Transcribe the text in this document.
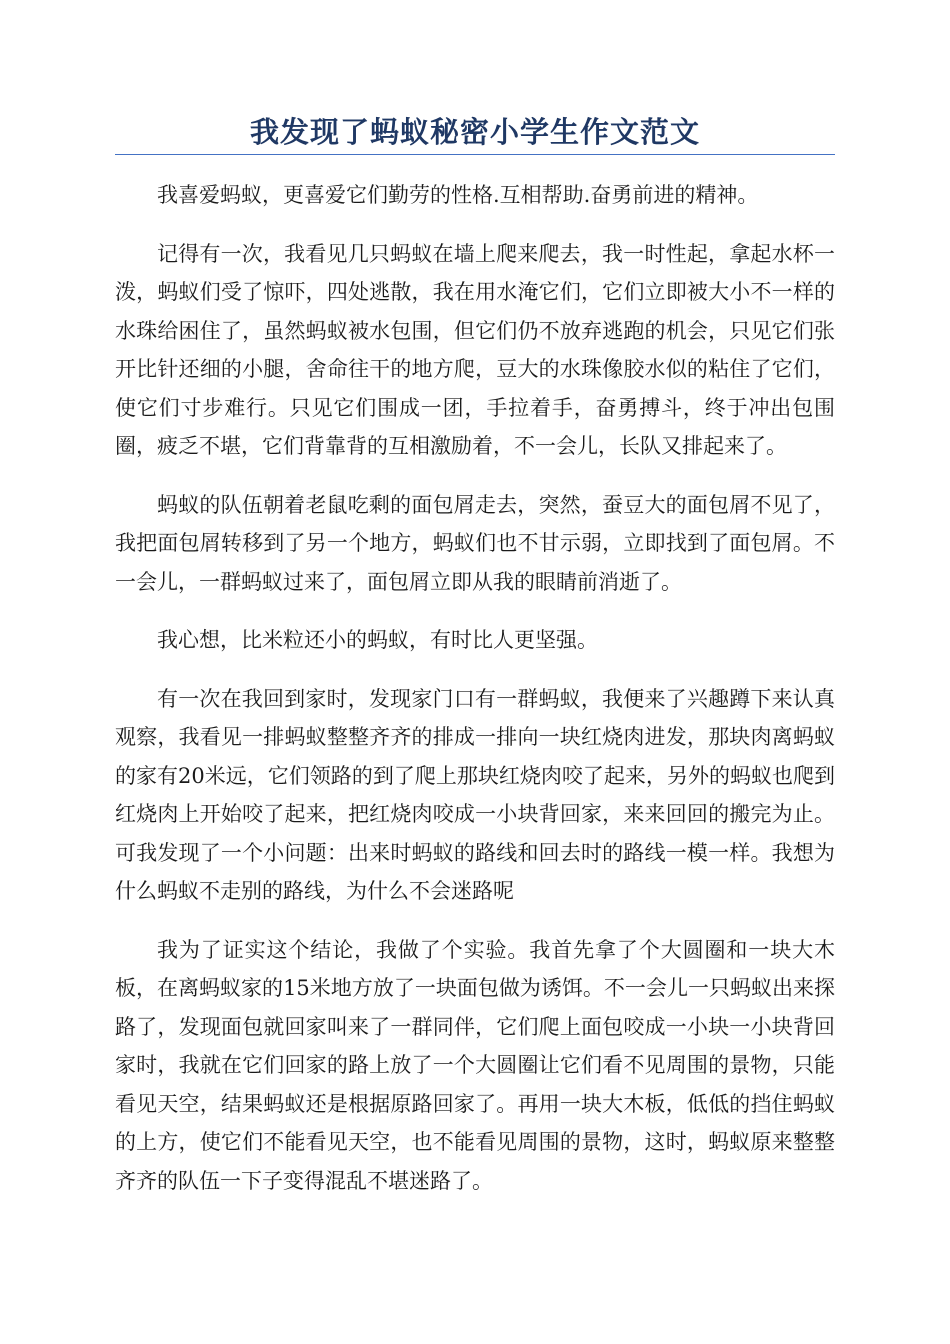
我发现了蚂蚁秘密小学生作文范文

我喜爱蚂蚁，更喜爱它们勤劳的性格.互相帮助.奋勇前进的精神。

记得有一次，我看见几只蚂蚁在墙上爬来爬去，我一时性起，拿起水杯一泼，蚂蚁们受了惊吓，四处逃散，我在用水淹它们，它们立即被大小不一样的水珠给困住了，虽然蚂蚁被水包围，但它们仍不放弃逃跑的机会，只见它们张开比针还细的小腿，舍命往干的地方爬，豆大的水珠像胶水似的粘住了它们，使它们寸步难行。只见它们围成一团，手拉着手，奋勇搏斗，终于冲出包围圈，疲乏不堪，它们背靠背的互相激励着，不一会儿，长队又排起来了。

蚂蚁的队伍朝着老鼠吃剩的面包屑走去，突然，蚕豆大的面包屑不见了，我把面包屑转移到了另一个地方，蚂蚁们也不甘示弱，立即找到了面包屑。不一会儿，一群蚂蚁过来了，面包屑立即从我的眼睛前消逝了。

我心想，比米粒还小的蚂蚁，有时比人更坚强。

有一次在我回到家时，发现家门口有一群蚂蚁，我便来了兴趣蹲下来认真观察，我看见一排蚂蚁整整齐齐的排成一排向一块红烧肉进发，那块肉离蚂蚁的家有20米远，它们领路的到了爬上那块红烧肉咬了起来，另外的蚂蚁也爬到红烧肉上开始咬了起来，把红烧肉咬成一小块背回家，来来回回的搬完为止。可我发现了一个小问题：出来时蚂蚁的路线和回去时的路线一模一样。我想为什么蚂蚁不走别的路线，为什么不会迷路呢

我为了证实这个结论，我做了个实验。我首先拿了个大圆圈和一块大木板，在离蚂蚁家的15米地方放了一块面包做为诱饵。不一会儿一只蚂蚁出来探路了，发现面包就回家叫来了一群同伴，它们爬上面包咬成一小块一小块背回家时，我就在它们回家的路上放了一个大圆圈让它们看不见周围的景物，只能看见天空，结果蚂蚁还是根据原路回家了。再用一块大木板，低低的挡住蚂蚁的上方，使它们不能看见天空，也不能看见周围的景物，这时，蚂蚁原来整整齐齐的队伍一下子变得混乱不堪迷路了。
